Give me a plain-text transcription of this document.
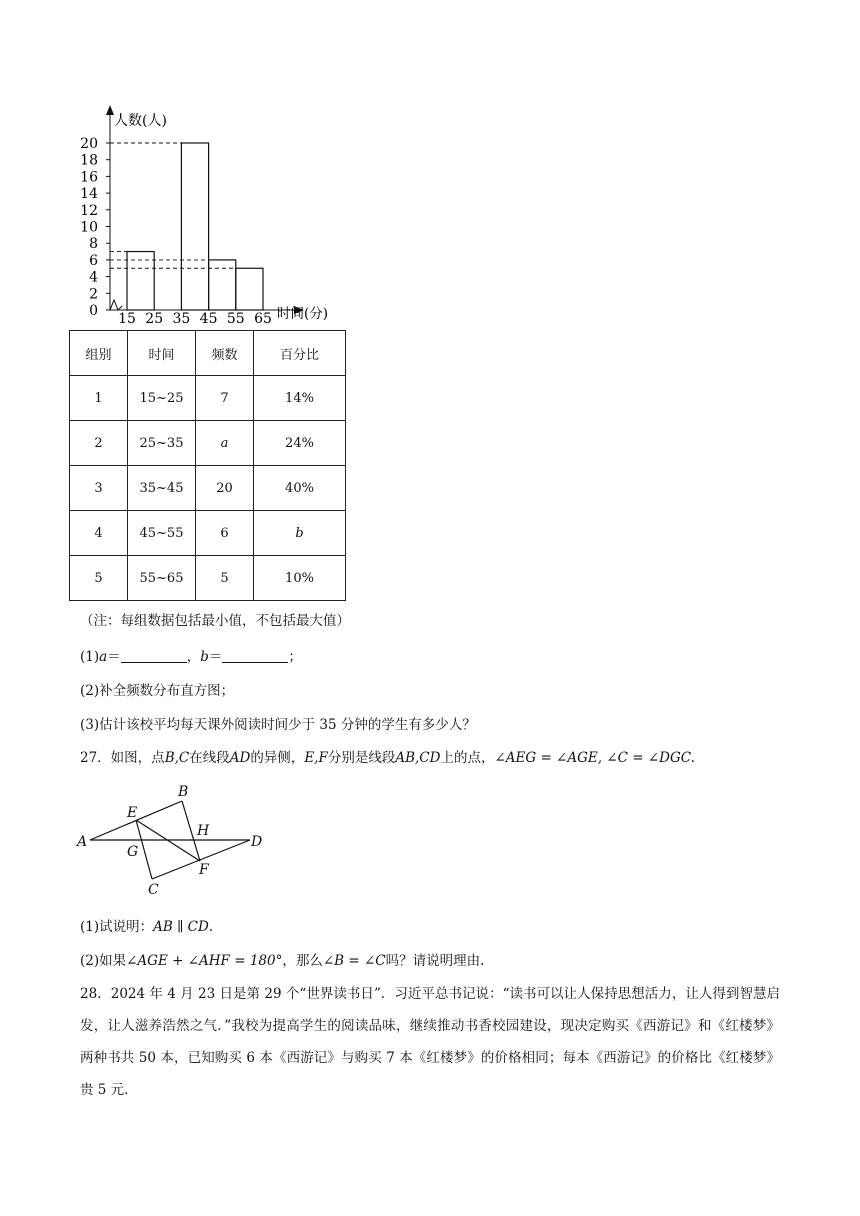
0
2
4
6
8
10
12
14
16
18
20
15 25 35 45 55 65
人数(人)
时间(分)
组别	时间	频数	百分比
1	15~25	7	14%
2	25~35	a	24%
3	35~45	20	40%
4	45~55	6	b
5	55~65	5	10%
（注：每组数据包括最小值，不包括最大值）
(1)a＝	，b＝	；
(2)补全频数分布直方图；
(3)估计该校平均每天课外阅读时间少于 35 分钟的学生有多少人？
27．如图，点B,C在线段AD的异侧，E,F分别是线段AB,CD上的点，∠AEG = ∠AGE, ∠C = ∠DGC.
A
B
C
D
E
F
G
H
(1)试说明：AB ∥ CD.
(2)如果∠AGE + ∠AHF = 180°，那么∠B = ∠C吗？请说明理由.
28．2024 年 4 月 23 日是第 29 个“世界读书日”．习近平总书记说：“读书可以让人保持思想活力，让人得到智慧启发，让人滋养浩然之气．”我校为提高学生的阅读品味，继续推动书香校园建设，现决定购买《西游记》和《红楼梦》两种书共 50 本，已知购买 6 本《西游记》与购买 7 本《红楼梦》的价格相同；每本《西游记》的价格比《红楼梦》贵 5 元．
